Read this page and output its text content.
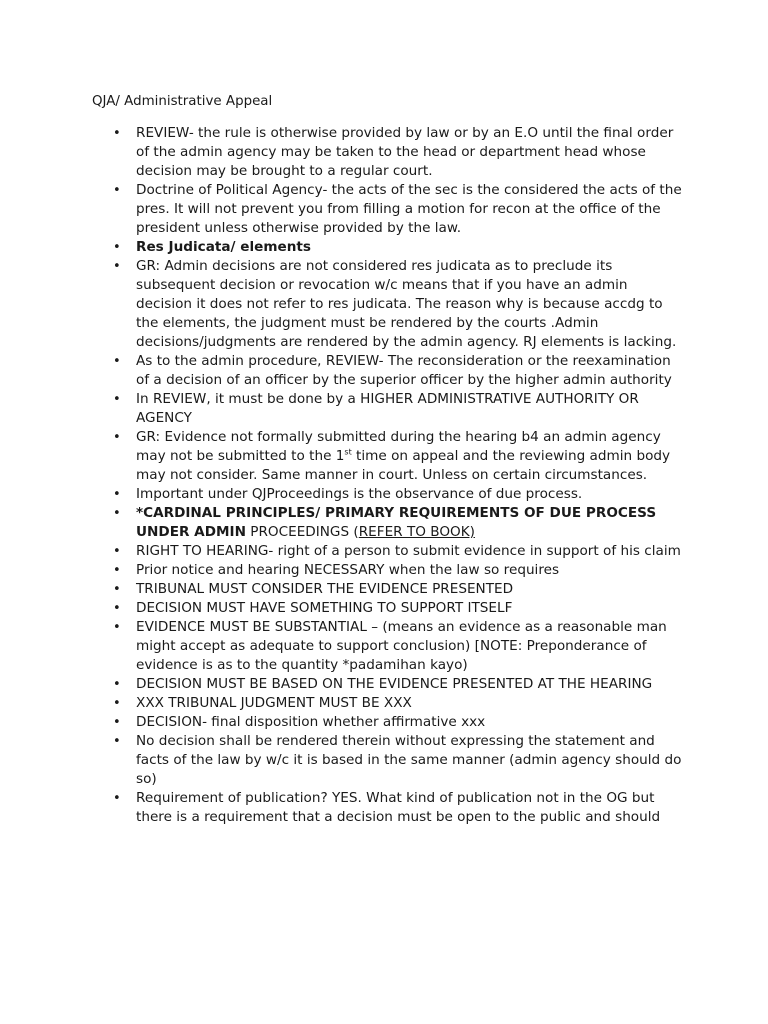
QJA/ Administrative Appeal
• REVIEW- the rule is otherwise provided by law or by an E.O until the final order of the admin agency may be taken to the head or department head whose decision may be brought to a regular court.
• Doctrine of Political Agency- the acts of the sec is the considered the acts of the pres. It will not prevent you from filling a motion for recon at the office of the president unless otherwise provided by the law.
• Res Judicata/ elements
• GR: Admin decisions are not considered res judicata as to preclude its subsequent decision or revocation w/c means that if you have an admin decision it does not refer to res judicata. The reason why is because accdg to the elements, the judgment must be rendered by the courts .Admin decisions/judgments are rendered by the admin agency. RJ elements is lacking.
• As to the admin procedure, REVIEW- The reconsideration or the reexamination of a decision of an officer by the superior officer by the higher admin authority
• In REVIEW, it must be done by a HIGHER ADMINISTRATIVE AUTHORITY OR AGENCY
• GR: Evidence not formally submitted during the hearing b4 an admin agency may not be submitted to the 1st time on appeal and the reviewing admin body may not consider. Same manner in court. Unless on certain circumstances.
• Important under QJProceedings is the observance of due process.
• *CARDINAL PRINCIPLES/ PRIMARY REQUIREMENTS OF DUE PROCESS UNDER ADMIN PROCEEDINGS (REFER TO BOOK)
• RIGHT TO HEARING- right of a person to submit evidence in support of his claim
• Prior notice and hearing NECESSARY when the law so requires
• TRIBUNAL MUST CONSIDER THE EVIDENCE PRESENTED
• DECISION MUST HAVE SOMETHING TO SUPPORT ITSELF
• EVIDENCE MUST BE SUBSTANTIAL – (means an evidence as a reasonable man might accept as adequate to support conclusion) [NOTE: Preponderance of evidence is as to the quantity *padamihan kayo)
• DECISION MUST BE BASED ON THE EVIDENCE PRESENTED AT THE HEARING
• XXX TRIBUNAL JUDGMENT MUST BE XXX
• DECISION- final disposition whether affirmative xxx
• No decision shall be rendered therein without expressing the statement and facts of the law by w/c it is based in the same manner (admin agency should do so)
• Requirement of publication? YES. What kind of publication not in the OG but there is a requirement that a decision must be open to the public and should
